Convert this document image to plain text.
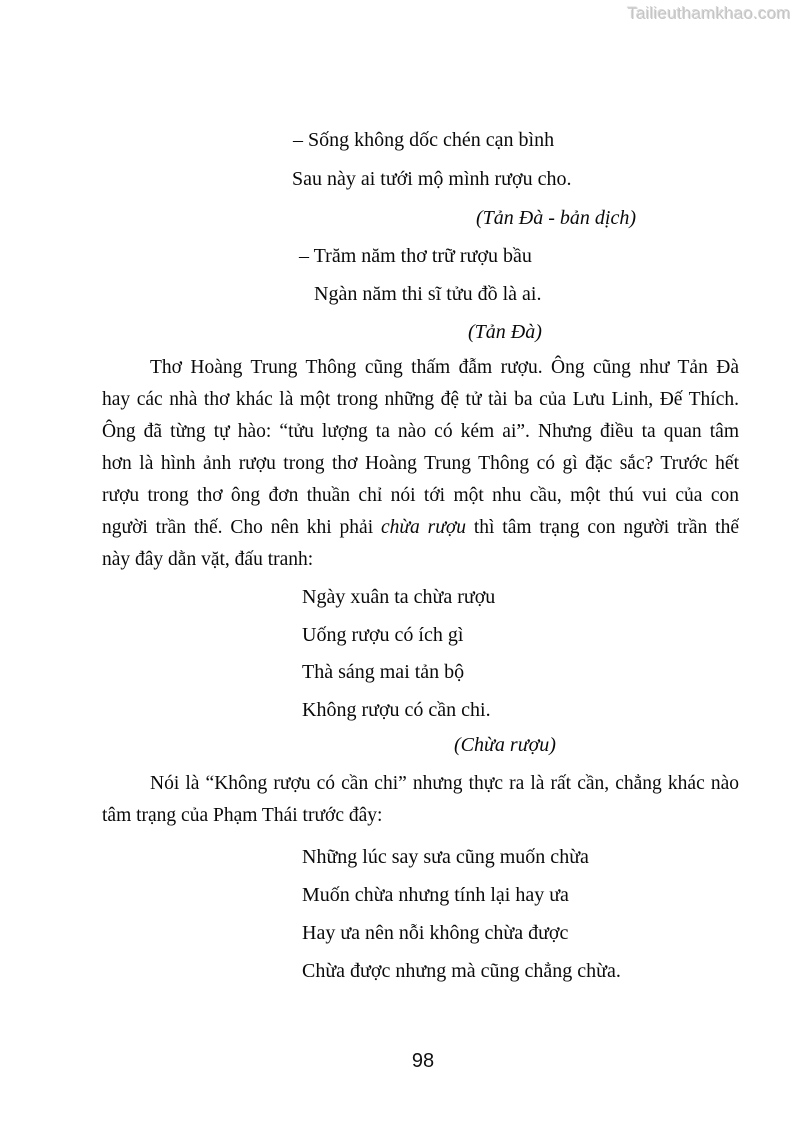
Tailieuthamkhao.com
– Sống không dốc chén cạn bình
Sau này ai tưới mộ mình rượu cho.
(Tản Đà - bản dịch)
– Trăm năm thơ trữ rượu bầu
Ngàn năm thi sĩ tửu đồ là ai.
(Tản Đà)
Thơ Hoàng Trung Thông cũng thấm đẫm rượu. Ông cũng như Tản Đà
hay các nhà thơ khác là một trong những đệ tử tài ba của Lưu Linh, Đế Thích.
Ông đã từng tự hào: “tửu lượng ta nào có kém ai”. Nhưng điều ta quan tâm
hơn là hình ảnh rượu trong thơ Hoàng Trung Thông có gì đặc sắc? Trước hết
rượu trong thơ ông đơn thuần chỉ nói tới một nhu cầu, một thú vui của con
người trần thế. Cho nên khi phải chừa rượu thì tâm trạng con người trần thế
này đây dằn vặt, đấu tranh:
Ngày xuân ta chừa rượu
Uống rượu có ích gì
Thà sáng mai tản bộ
Không rượu có cần chi.
(Chừa rượu)
Nói là “Không rượu có cần chi” nhưng thực ra là rất cần, chẳng khác nào
tâm trạng của Phạm Thái trước đây:
Những lúc say sưa cũng muốn chừa
Muốn chừa nhưng tính lại hay ưa
Hay ưa nên nỗi không chừa được
Chừa được nhưng mà cũng chẳng chừa.
98
